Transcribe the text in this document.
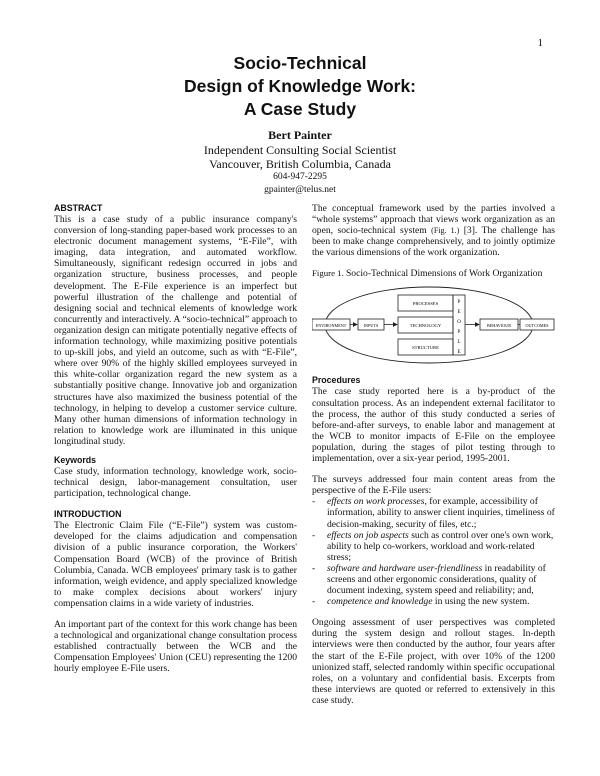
1
Socio-Technical
Design of Knowledge Work:
A Case Study
Bert Painter
Independent Consulting Social Scientist
Vancouver, British Columbia, Canada
604-947-2295
gpainter@telus.net
ABSTRACT

This is a case study of a public insurance company's conversion of long-standing paper-based work processes to an electronic document management systems, “E-File”, with imaging, data integration, and automated workflow. Simultaneously, significant redesign occurred in jobs and organization structure, business processes, and people development. The E-File experience is an imperfect but powerful illustration of the challenge and potential of designing social and technical elements of knowledge work concurrently and interactively. A “socio-technical” approach to organization design can mitigate potentially negative effects of information technology, while maximizing positive potentials to up-skill jobs, and yield an outcome, such as with “E-File”, where over 90% of the highly skilled employees surveyed in this white-collar organization regard the new system as a substantially positive change. Innovative job and organization structures have also maximized the business potential of the technology, in helping to develop a customer service culture. Many other human dimensions of information technology in relation to knowledge work are illuminated in this unique longitudinal study.

Keywords

Case study, information technology, knowledge work, socio-technical design, labor-management consultation, user participation, technological change.

INTRODUCTION

The Electronic Claim File (“E-File”) system was custom-developed for the claims adjudication and compensation division of a public insurance corporation, the Workers' Compensation Board (WCB) of the province of British Columbia, Canada. WCB employees' primary task is to gather information, weigh evidence, and apply specialized knowledge to make complex decisions about workers' injury compensation claims in a wide variety of industries.

An important part of the context for this work change has been a technological and organizational change consultation process established contractually between the WCB and the Compensation Employees' Union (CEU) representing the 1200 hourly employee E-File users.

The conceptual framework used by the parties involved a “whole systems” approach that views work organization as an open, socio-technical system (Fig. 1.) [3]. The challenge has been to make change comprehensively, and to jointly optimize the various dimensions of the work organization.

Figure 1. Socio-Technical Dimensions of Work Organization

ENVIRONMENT	INPUTS
PROCESSES
TECHNOLOGY
STRUCTURE
P
E
O
P
L
E
BEHAVIOUR	OUTCOMES
Procedures

The case study reported here is a by-product of the consultation process. As an independent external facilitator to the process, the author of this study conducted a series of before-and-after surveys, to enable labor and management at the WCB to monitor impacts of E-File on the employee population, during the stages of pilot testing through to implementation, over a six-year period, 1995-2001.

The surveys addressed four main content areas from the perspective of the E-File users:

- effects on work processes, for example, accessibility of information, ability to answer client inquiries, timeliness of decision-making, security of files, etc.;
- effects on job aspects such as control over one's own work, ability to help co-workers, workload and work-related stress;
- software and hardware user-friendliness in readability of screens and other ergonomic considerations, quality of document indexing, system speed and reliability; and,
- competence and knowledge in using the new system.

Ongoing assessment of user perspectives was completed during the system design and rollout stages. In-depth interviews were then conducted by the author, four years after the start of the E-File project, with over 10% of the 1200 unionized staff, selected randomly within specific occupational roles, on a voluntary and confidential basis. Excerpts from these interviews are quoted or referred to extensively in this case study.
